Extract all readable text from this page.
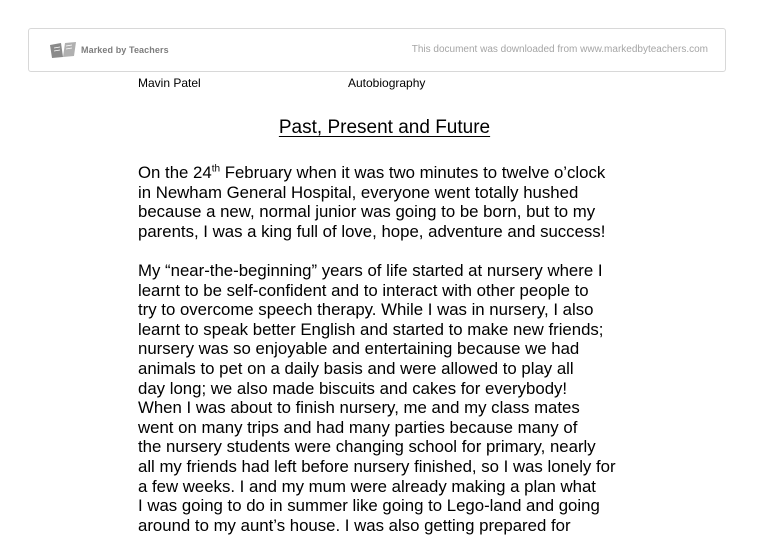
Marked by Teachers	This document was downloaded from www.markedbyteachers.com
Mavin Patel	Autobiography
Past, Present and Future

On the 24th February when it was two minutes to twelve o’clock
in Newham General Hospital, everyone went totally hushed
because a new, normal junior was going to be born, but to my
parents, I was a king full of love, hope, adventure and success!

My “near-the-beginning” years of life started at nursery where I
learnt to be self-confident and to interact with other people to
try to overcome speech therapy. While I was in nursery, I also
learnt to speak better English and started to make new friends;
nursery was so enjoyable and entertaining because we had
animals to pet on a daily basis and were allowed to play all
day long; we also made biscuits and cakes for everybody!
When I was about to finish nursery, me and my class mates
went on many trips and had many parties because many of
the nursery students were changing school for primary, nearly
all my friends had left before nursery finished, so I was lonely for
a few weeks. I and my mum were already making a plan what
I was going to do in summer like going to Lego-land and going
around to my aunt’s house. I was also getting prepared for
